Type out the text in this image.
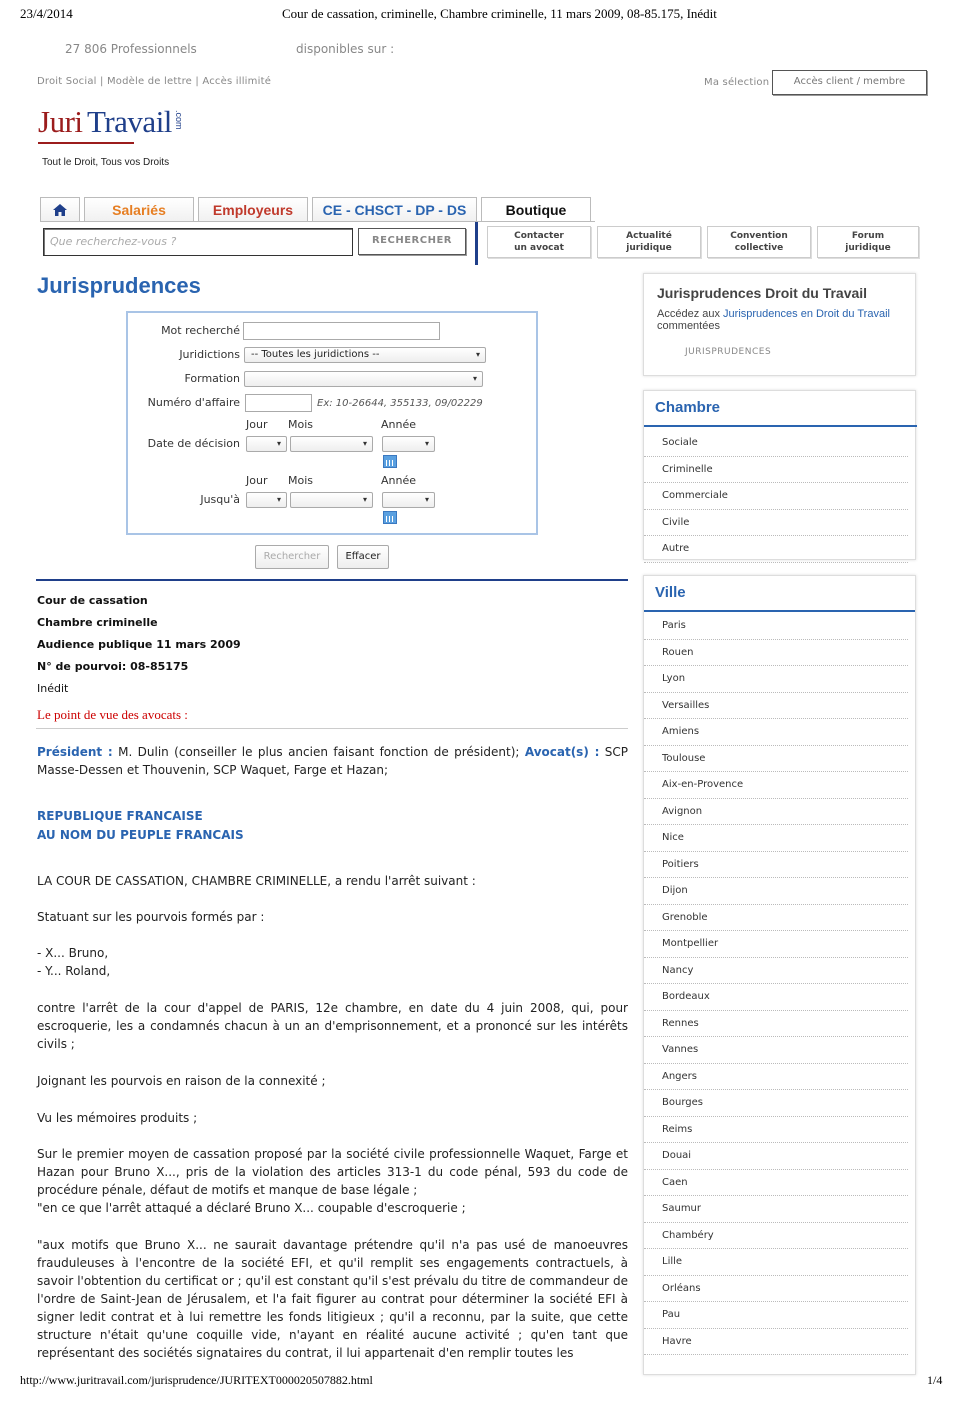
23/4/2014	Cour de cassation, criminelle, Chambre criminelle, 11 mars 2009, 08-85.175, Inédit
27 806 Professionnels	disponibles sur :
Droit Social | Modèle de lettre | Accès illimité	Ma sélection	Accès client / membre
Juri Travail .com
Tout le Droit, Tous vos Droits
Salariés	Employeurs	CE - CHSCT - DP - DS	Boutique
Que recherchez-vous ?	RECHERCHER	Contacter
un avocat
Actualité
juridique
Convention
collective
Forum
juridique
Jurisprudences
Mot recherché
Juridictions	-- Toutes les juridictions --	▾
Formation	▾
Numéro d'affaire	Ex: 10-26644, 355133, 09/02229
Jour Mois	Année
Date de décision	▾	▾	▾
Jour Mois	Année
Jusqu'à	▾	▾	▾
Rechercher	Effacer
Cour de cassation
Chambre criminelle
Audience publique 11 mars 2009
N° de pourvoi: 08-85175
Inédit
Le point de vue des avocats :
Président : M. Dulin (conseiller le plus ancien faisant fonction de président); Avocat(s) : SCP Masse-Dessen et Thouvenin, SCP Waquet, Farge et Hazan;
REPUBLIQUE FRANCAISE
AU NOM DU PEUPLE FRANCAIS
LA COUR DE CASSATION, CHAMBRE CRIMINELLE, a rendu l'arrêt suivant :
Statuant sur les pourvois formés par :
- X... Bruno,
- Y... Roland,
contre l'arrêt de la cour d'appel de PARIS, 12e chambre, en date du 4 juin 2008, qui, pour escroquerie, les a condamnés chacun à un an d'emprisonnement, et a prononcé sur les intérêts civils ;
Joignant les pourvois en raison de la connexité ;
Vu les mémoires produits ;
Sur le premier moyen de cassation proposé par la société civile professionnelle Waquet, Farge et Hazan pour Bruno X..., pris de la violation des articles 313-1 du code pénal, 593 du code de procédure pénale, défaut de motifs et manque de base légale ;
"en ce que l'arrêt attaqué a déclaré Bruno X... coupable d'escroquerie ;
"aux motifs que Bruno X... ne saurait davantage prétendre qu'il n'a pas usé de manoeuvres frauduleuses à l'encontre de la société EFI, et qu'il remplit ses engagements contractuels, à savoir l'obtention du certificat or ; qu'il est constant qu'il s'est prévalu du titre de commandeur de l'ordre de Saint-Jean de Jérusalem, et l'a fait figurer au contrat pour déterminer la société EFI à signer ledit contrat et à lui remettre les fonds litigieux ; qu'il a reconnu, par la suite, que cette structure n'était qu'une coquille vide, n'ayant en réalité aucune activité ; qu'en tant que représentant des sociétés signataires du contrat, il lui appartenait d'en remplir toutes les
Jurisprudences Droit du Travail
Accédez aux Jurisprudences en Droit du Travail commentées
JURISPRUDENCES
Chambre
Sociale
Criminelle
Commerciale
Civile
Autre
Ville
Paris
Rouen
Lyon
Versailles
Amiens
Toulouse
Aix-en-Provence
Avignon
Nice
Poitiers
Dijon
Grenoble
Montpellier
Nancy
Bordeaux
Rennes
Vannes
Angers
Bourges
Reims
Douai
Caen
Saumur
Chambéry
Lille
Orléans
Pau
Havre
http://www.juritravail.com/jurisprudence/JURITEXT000020507882.html	1/4
